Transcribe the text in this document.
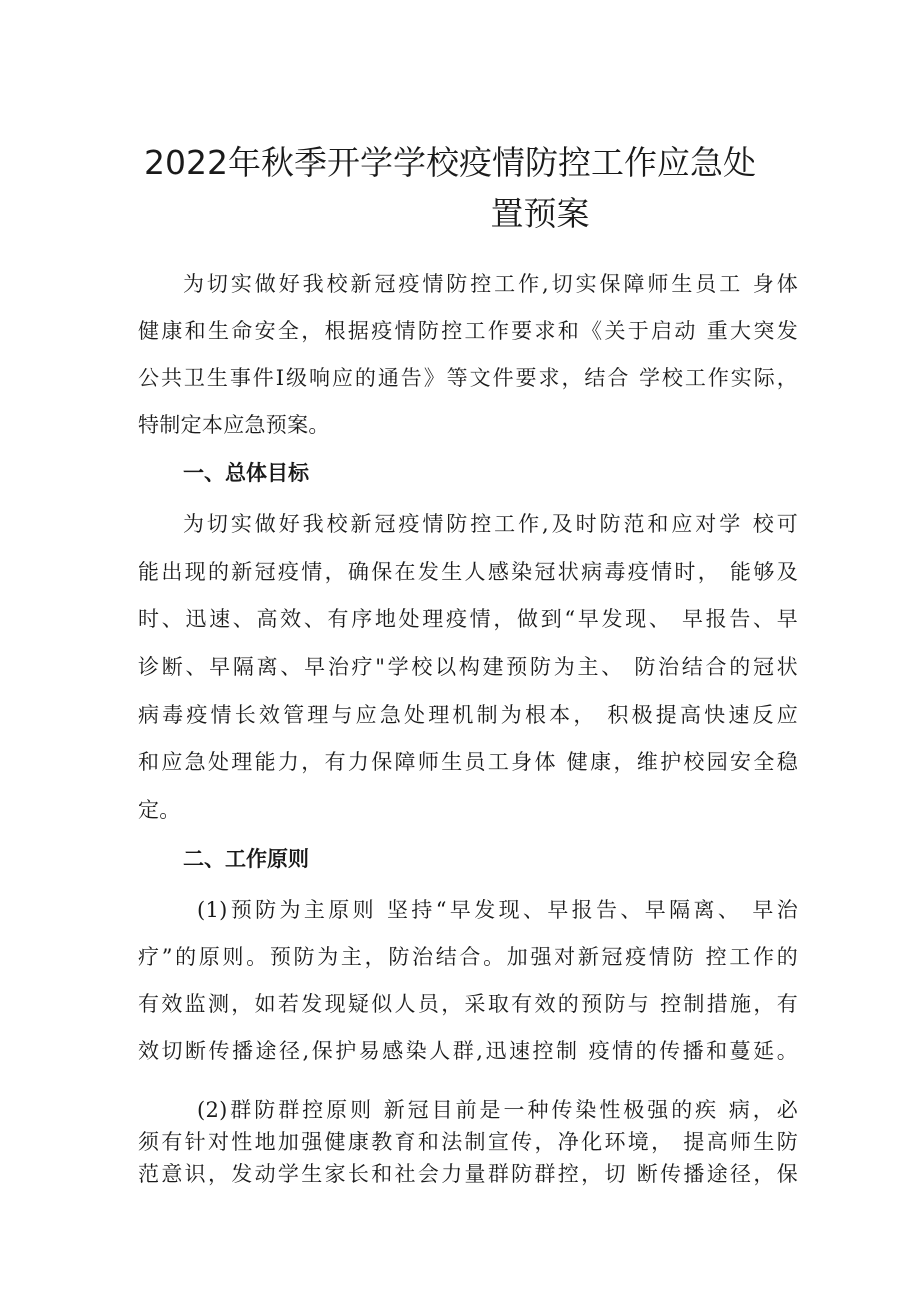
2022年秋季开学学校疫情防控工作应急处
置预案

为切实做好我校新冠疫情防控工作,切实保障师生员工 身体

健康和生命安全，根据疫情防控工作要求和《关于启动 重大突发

公共卫生事件I级响应的通告》等文件要求，结合 学校工作实际，

特制定本应急预案。

一、总体目标

为切实做好我校新冠疫情防控工作,及时防范和应对学 校可

能出现的新冠疫情，确保在发生人感染冠状病毒疫情时， 能够及

时、迅速、高效、有序地处理疫情，做到“早发现、 早报告、早

诊断、早隔离、早治疗"学校以构建预防为主、 防治结合的冠状

病毒疫情长效管理与应急处理机制为根本， 积极提高快速反应

和应急处理能力，有力保障师生员工身体 健康，维护校园安全稳

定。

二、工作原则

(1)预防为主原则 坚持“早发现、早报告、早隔离、 早治

疗”的原则。预防为主，防治结合。加强对新冠疫情防 控工作的

有效监测，如若发现疑似人员，采取有效的预防与 控制措施，有

效切断传播途径,保护易感染人群,迅速控制 疫情的传播和蔓延。

(2)群防群控原则 新冠目前是一种传染性极强的疾 病，必

须有针对性地加强健康教育和法制宣传，净化环境， 提高师生防

范意识，发动学生家长和社会力量群防群控，切 断传播途径，保
